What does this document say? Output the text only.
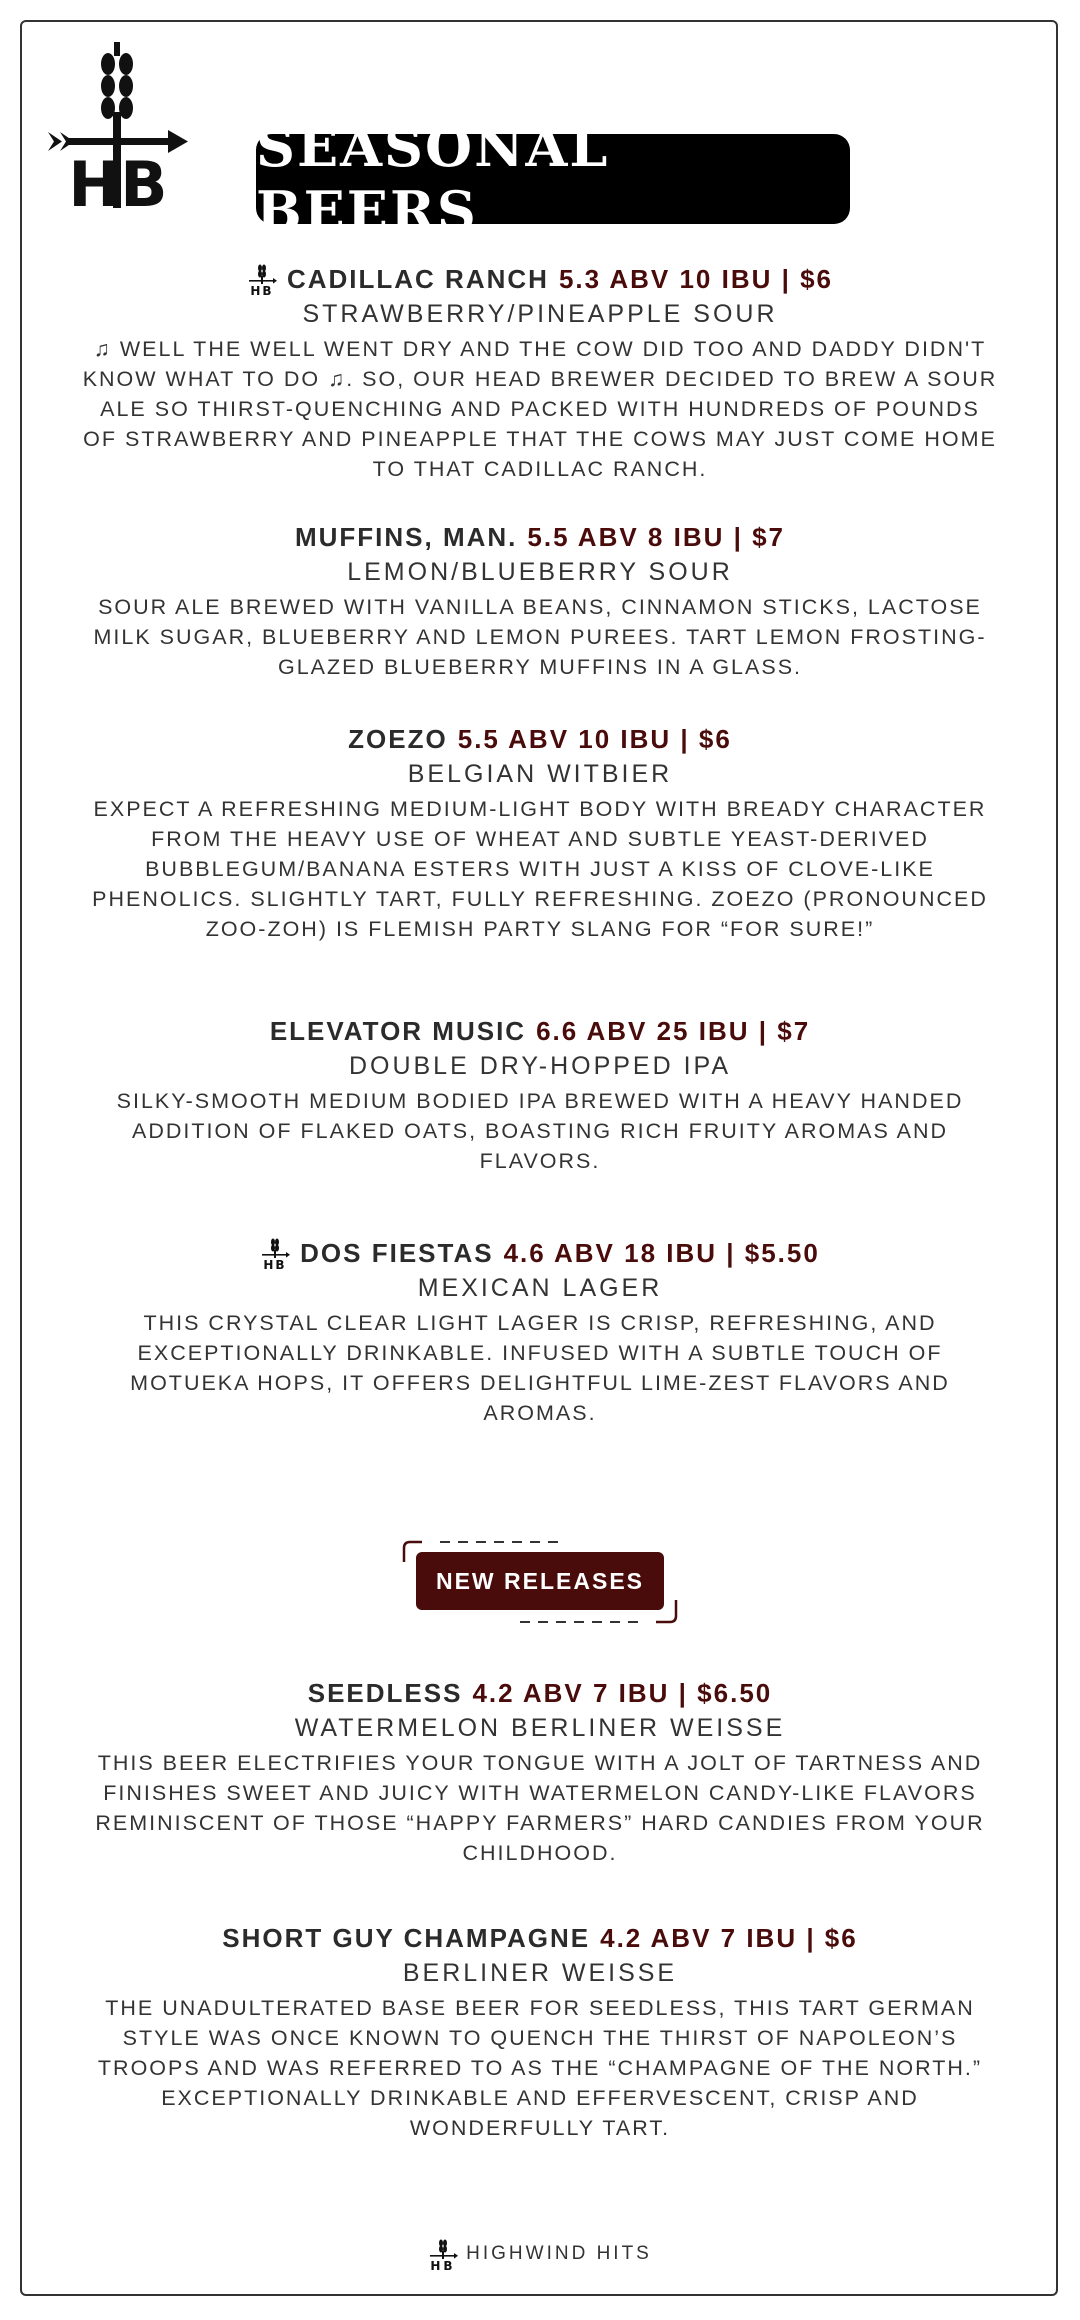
HB
SEASONAL BEERS
HB CADILLAC RANCH 5.3 ABV 10 IBU | $6
STRAWBERRY/PINEAPPLE SOUR
♫ WELL THE WELL WENT DRY AND THE COW DID TOO AND DADDY DIDN'T KNOW WHAT TO DO ♫. SO, OUR HEAD BREWER DECIDED TO BREW A SOUR ALE SO THIRST-QUENCHING AND PACKED WITH HUNDREDS OF POUNDS OF STRAWBERRY AND PINEAPPLE THAT THE COWS MAY JUST COME HOME TO THAT CADILLAC RANCH.
MUFFINS, MAN. 5.5 ABV 8 IBU | $7
LEMON/BLUEBERRY SOUR
SOUR ALE BREWED WITH VANILLA BEANS, CINNAMON STICKS, LACTOSE MILK SUGAR, BLUEBERRY AND LEMON PUREES. TART LEMON FROSTING-GLAZED BLUEBERRY MUFFINS IN A GLASS.
ZOEZO 5.5 ABV 10 IBU | $6
BELGIAN WITBIER
EXPECT A REFRESHING MEDIUM-LIGHT BODY WITH BREADY CHARACTER FROM THE HEAVY USE OF WHEAT AND SUBTLE YEAST-DERIVED BUBBLEGUM/BANANA ESTERS WITH JUST A KISS OF CLOVE-LIKE PHENOLICS. SLIGHTLY TART, FULLY REFRESHING. ZOEZO (PRONOUNCED ZOO-ZOH) IS FLEMISH PARTY SLANG FOR “FOR SURE!”
ELEVATOR MUSIC 6.6 ABV 25 IBU | $7
DOUBLE DRY-HOPPED IPA
SILKY-SMOOTH MEDIUM BODIED IPA BREWED WITH A HEAVY HANDED ADDITION OF FLAKED OATS, BOASTING RICH FRUITY AROMAS AND FLAVORS.
HB DOS FIESTAS 4.6 ABV 18 IBU | $5.50
MEXICAN LAGER
THIS CRYSTAL CLEAR LIGHT LAGER IS CRISP, REFRESHING, AND EXCEPTIONALLY DRINKABLE. INFUSED WITH A SUBTLE TOUCH OF MOTUEKA HOPS, IT OFFERS DELIGHTFUL LIME-ZEST FLAVORS AND AROMAS.
NEW RELEASES
SEEDLESS 4.2 ABV 7 IBU | $6.50
WATERMELON BERLINER WEISSE
THIS BEER ELECTRIFIES YOUR TONGUE WITH A JOLT OF TARTNESS AND FINISHES SWEET AND JUICY WITH WATERMELON CANDY-LIKE FLAVORS REMINISCENT OF THOSE “HAPPY FARMERS” HARD CANDIES FROM YOUR CHILDHOOD.
SHORT GUY CHAMPAGNE 4.2 ABV 7 IBU | $6
BERLINER WEISSE
THE UNADULTERATED BASE BEER FOR SEEDLESS, THIS TART GERMAN STYLE WAS ONCE KNOWN TO QUENCH THE THIRST OF NAPOLEON’S TROOPS AND WAS REFERRED TO AS THE “CHAMPAGNE OF THE NORTH.” EXCEPTIONALLY DRINKABLE AND EFFERVESCENT, CRISP AND WONDERFULLY TART.
HB
HIGHWIND HITS
